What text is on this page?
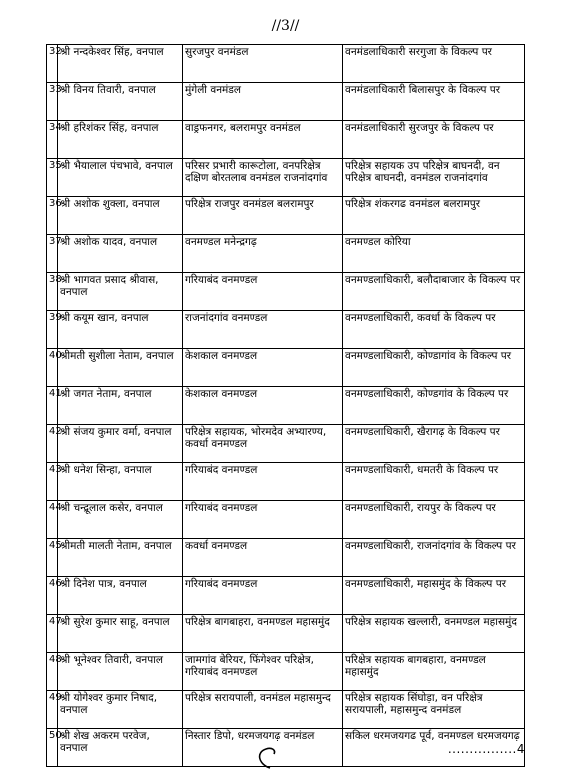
//3//
32	श्री नन्दकेश्वर सिंह, वनपाल	सुरजपुर वनमंडल	वनमंडलाधिकारी सरगुजा के विकल्प पर
33	श्री विनय तिवारी, वनपाल	मुंगेली वनमंडल	वनमंडलाधिकारी बिलासपुर के विकल्प पर
34	श्री हरिशंकर सिंह, वनपाल	वाड्रफनगर, बलरामपुर वनमंडल	वनमंडलाधिकारी सुरजपुर के विकल्प पर
35	श्री भैयालाल पंचभावे, वनपाल	परिसर प्रभारी कारूटोला, वनपरिक्षेत्र दक्षिण बोरतलाब वनमंडल राजनांदगांव	परिक्षेत्र सहायक उप परिक्षेत्र बाघनदी, वन परिक्षेत्र बाघनदी, वनमंडल राजनांदगांव
36	श्री अशोक शुक्ला, वनपाल	परिक्षेत्र राजपुर वनमंडल बलरामपुर	परिक्षेत्र शंकरगढ वनमंडल बलरामपुर
37	श्री अशोक यादव, वनपाल	वनमण्डल मनेन्द्रगढ़	वनमण्डल कोरिया
38	श्री भागवत प्रसाद श्रीवास, वनपाल	गरियाबंद वनमण्डल	वनमण्डलाधिकारी, बलौदाबाजार के विकल्प पर
39	श्री कयूम खान, वनपाल	राजनांदगांव वनमण्डल	वनमण्डलाधिकारी, कवर्धा के विकल्प पर
40	श्रीमती सुशीला नेताम, वनपाल	केशकाल वनमण्डल	वनमण्डलाधिकारी, कोण्डागांव के विकल्प पर
41	श्री जगत नेताम, वनपाल	केशकाल वनमण्डल	वनमण्डलाधिकारी, कोण्डगांव के विकल्प पर
42	श्री संजय कुमार वर्मा, वनपाल	परिक्षेत्र सहायक, भोरमदेव अभ्यारण्य, कवर्धा वनमण्डल	वनमण्डलाधिकारी, खैरागढ़ के विकल्प पर
43	श्री धनेश सिन्हा, वनपाल	गरियाबंद वनमण्डल	वनमण्डलाधिकारी, धमतरी के विकल्प पर
44	श्री चन्द्रूलाल कसेर, वनपाल	गरियाबंद वनमण्डल	वनमण्डलाधिकारी, रायपुर के विकल्प पर
45	श्रीमती मालती नेताम, वनपाल	कवर्धा वनमण्डल	वनमण्डलाधिकारी, राजनांदगांव के विकल्प पर
46	श्री दिनेश पात्र, वनपाल	गरियाबंद वनमण्डल	वनमण्डलाधिकारी, महासमुंद के विकल्प पर
47	श्री सुरेश कुमार साहू, वनपाल	परिक्षेत्र बागबाहरा, वनमण्डल महासमुंद	परिक्षेत्र सहायक खल्लारी, वनमण्डल महासमुंद
48	श्री भूनेश्वर तिवारी, वनपाल	जामगांव बेरियर, फिंगेश्वर परिक्षेत्र, गरियाबंद वनमण्डल	परिक्षेत्र सहायक बागबहारा, वनमण्डल महासमुंद
49	श्री योगेश्वर कुमार निषाद, वनपाल	परिक्षेत्र सरायपाली, वनमंडल महासमुन्द	परिक्षेत्र सहायक सिंघोड़ा, वन परिक्षेत्र सरायपाली, महासमुन्द वनमंडल
50	श्री शेख अकरम परवेज, वनपाल	निस्तार डिपो, धरमजयगढ़ वनमंडल	सकिल धरमजयगढ पूर्व, वनमण्डल धरमजयगढ़
................4
